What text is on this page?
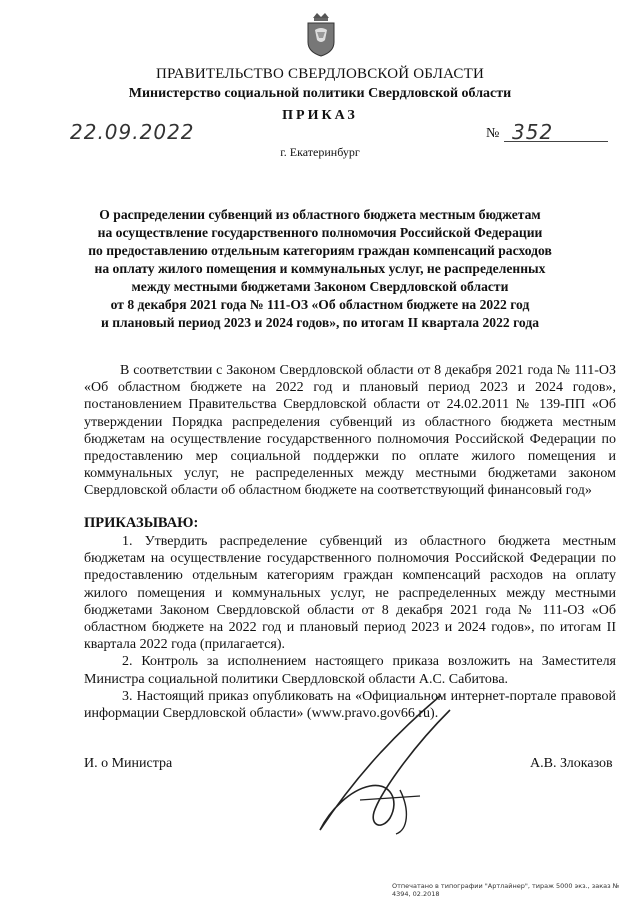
ПРАВИТЕЛЬСТВО СВЕРДЛОВСКОЙ ОБЛАСТИ
Министерство социальной политики Свердловской области
ПРИКАЗ
22.09.2022	№ 352
г. Екатеринбург
О распределении субвенций из областного бюджета местным бюджетам
на осуществление государственного полномочия Российской Федерации
по предоставлению отдельным категориям граждан компенсаций расходов
на оплату жилого помещения и коммунальных услуг, не распределенных
между местными бюджетами Законом Свердловской области
от 8 декабря 2021 года № 111-ОЗ «Об областном бюджете на 2022 год
и плановый период 2023 и 2024 годов», по итогам II квартала 2022 года
В соответствии с Законом Свердловской области от 8 декабря 2021 года № 111-ОЗ «Об областном бюджете на 2022 год и плановый период 2023 и 2024 годов», постановлением Правительства Свердловской области от 24.02.2011 № 139-ПП «Об утверждении Порядка распределения субвенций из областного бюджета местным бюджетам на осуществление государственного полномочия Российской Федерации по предоставлению мер социальной поддержки по оплате жилого помещения и коммунальных услуг, не распределенных между местными бюджетами законом Свердловской области об областном бюджете на соответствующий финансовый год»
ПРИКАЗЫВАЮ:

1. Утвердить распределение субвенций из областного бюджета местным бюджетам на осуществление государственного полномочия Российской Федерации по предоставлению отдельным категориям граждан компенсаций расходов на оплату жилого помещения и коммунальных услуг, не распределенных между местными бюджетами Законом Свердловской области от 8 декабря 2021 года № 111-ОЗ «Об областном бюджете на 2022 год и плановый период 2023 и 2024 годов», по итогам II квартала 2022 года (прилагается).

2. Контроль за исполнением настоящего приказа возложить на Заместителя Министра социальной политики Свердловской области А.С. Сабитова.

3. Настоящий приказ опубликовать на «Официальном интернет-портале правовой информации Свердловской области» (www.pravo.gov66.ru).

И. о Министра	А.В. Злоказов
Отпечатано в типографии "Артлайнер", тираж 5000 экз., заказ № 4394, 02.2018
